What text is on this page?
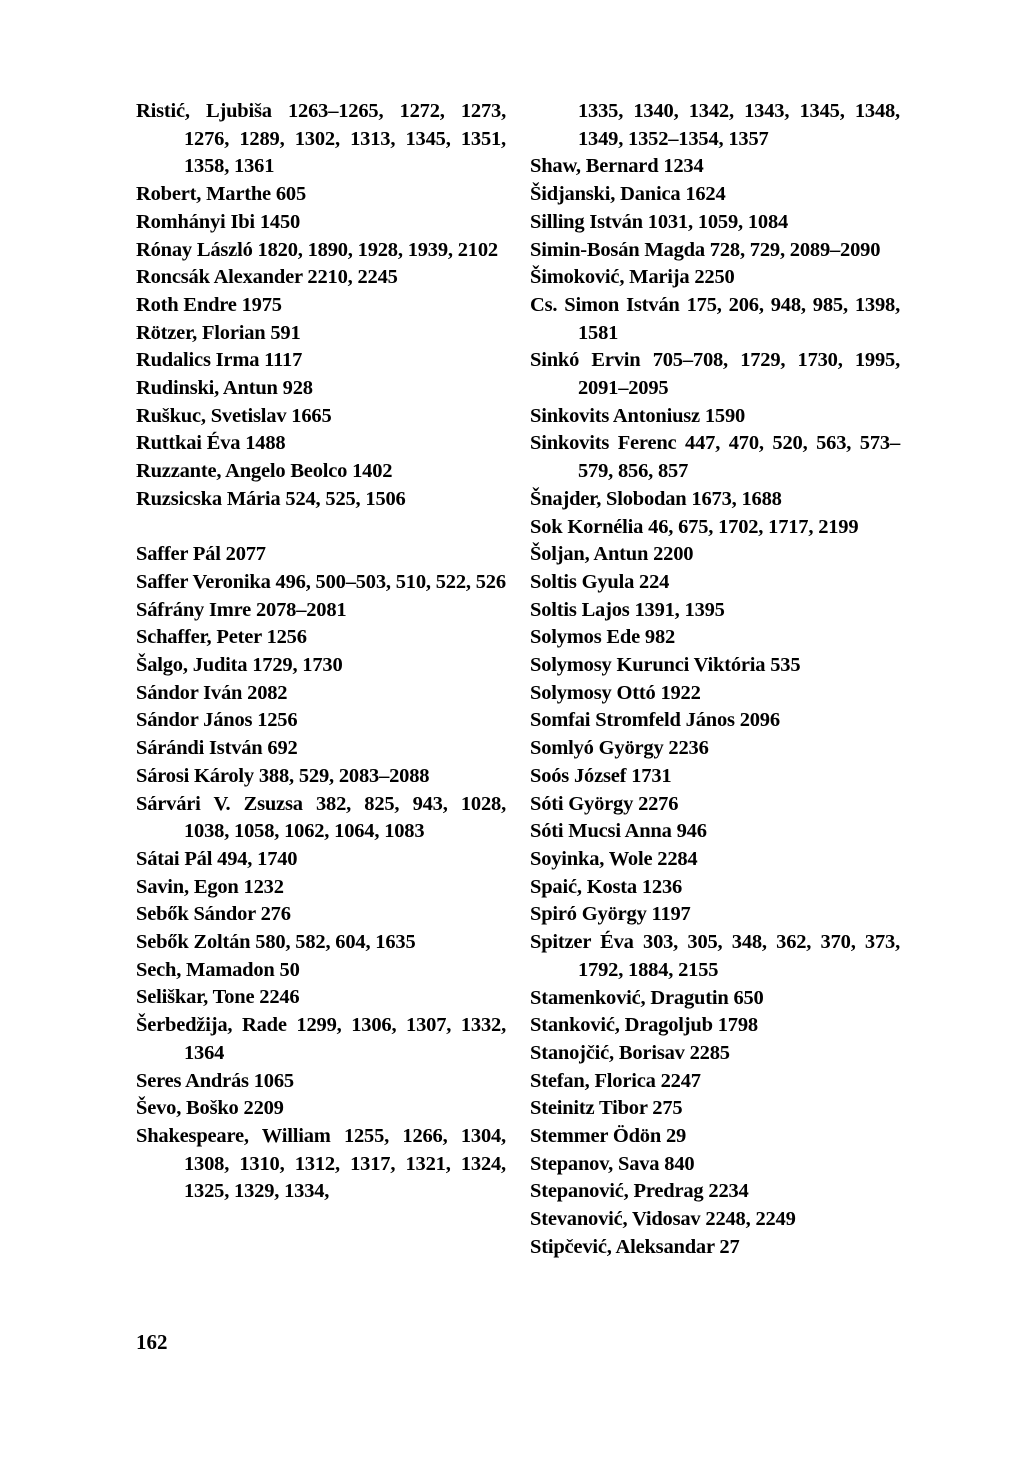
Ristić, Ljubiša 1263–1265, 1272, 1273, 1276, 1289, 1302, 1313, 1345, 1351, 1358, 1361
Robert, Marthe 605
Romhányi Ibi 1450
Rónay László 1820, 1890, 1928, 1939, 2102
Roncsák Alexander 2210, 2245
Roth Endre 1975
Rötzer, Florian 591
Rudalics Irma 1117
Rudinski, Antun 928
Ruškuc, Svetislav 1665
Ruttkai Éva 1488
Ruzzante, Angelo Beolco 1402
Ruzsicska Mária 524, 525, 1506
Saffer Pál 2077
Saffer Veronika 496, 500–503, 510, 522, 526
Sáfrány Imre 2078–2081
Schaffer, Peter 1256
Šalgo, Judita 1729, 1730
Sándor Iván 2082
Sándor János 1256
Sárándi István 692
Sárosi Károly 388, 529, 2083–2088
Sárvári V. Zsuzsa 382, 825, 943, 1028, 1038, 1058, 1062, 1064, 1083
Sátai Pál 494, 1740
Savin, Egon 1232
Sebők Sándor 276
Sebők Zoltán 580, 582, 604, 1635
Sech, Mamadon 50
Seliškar, Tone 2246
Šerbedžija, Rade 1299, 1306, 1307, 1332, 1364
Seres András 1065
Ševo, Boško 2209
Shakespeare, William 1255, 1266, 1304, 1308, 1310, 1312, 1317, 1321, 1324, 1325, 1329, 1334,
1335, 1340, 1342, 1343, 1345, 1348, 1349, 1352–1354, 1357
Shaw, Bernard 1234
Šidjanski, Danica 1624
Silling István 1031, 1059, 1084
Simin-Bosán Magda 728, 729, 2089–2090
Šimoković, Marija 2250
Cs. Simon István 175, 206, 948, 985, 1398, 1581
Sinkó Ervin 705–708, 1729, 1730, 1995, 2091–2095
Sinkovits Antoniusz 1590
Sinkovits Ferenc 447, 470, 520, 563, 573–579, 856, 857
Šnajder, Slobodan 1673, 1688
Sok Kornélia 46, 675, 1702, 1717, 2199
Šoljan, Antun 2200
Soltis Gyula 224
Soltis Lajos 1391, 1395
Solymos Ede 982
Solymosy Kurunci Viktória 535
Solymosy Ottó 1922
Somfai Stromfeld János 2096
Somlyó György 2236
Soós József 1731
Sóti György 2276
Sóti Mucsi Anna 946
Soyinka, Wole 2284
Spaić, Kosta 1236
Spiró György 1197
Spitzer Éva 303, 305, 348, 362, 370, 373, 1792, 1884, 2155
Stamenković, Dragutin 650
Stanković, Dragoljub 1798
Stanojčić, Borisav 2285
Stefan, Florica 2247
Steinitz Tibor 275
Stemmer Ödön 29
Stepanov, Sava 840
Stepanović, Predrag 2234
Stevanović, Vidosav 2248, 2249
Stipčević, Aleksandar 27
162
